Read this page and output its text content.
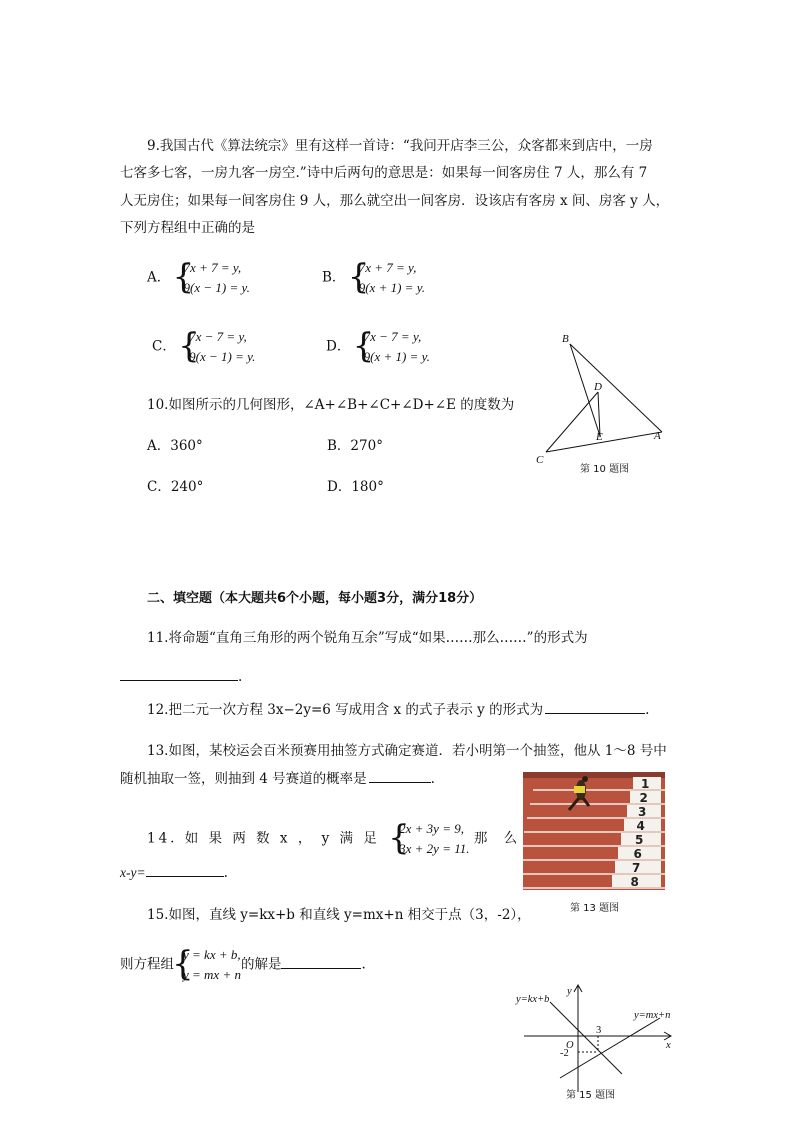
9.我国古代《算法统宗》里有这样一首诗：“我问开店李三公，众客都来到店中，一房
七客多七客，一房九客一房空.”诗中后两句的意思是：如果每一间客房住 7 人，那么有 7
人无房住；如果每一间客房住 9 人，那么就空出一间客房．设该店有客房 x 间、房客 y 人，
下列方程组中正确的是
A． { 7x + 7 = y,
9(x − 1) = y.
B． { 7x + 7 = y,
9(x + 1) = y.
C． { 7x − 7 = y,
9(x − 1) = y.
D． { 7x − 7 = y,
9(x + 1) = y.
10.如图所示的几何图形，∠A+∠B+∠C+∠D+∠E 的度数为
A．360°	B．270°
C．240°	D．180°
B
D
E	A
C
第 10 题图
二、填空题（本大题共6个小题，每小题3分，满分18分）
11.将命题“直角三角形的两个锐角互余”写成“如果……那么……”的形式为
.
12.把二元一次方程 3x−2y=6 写成用含 x 的式子表示 y 的形式为	.
13.如图，某校运会百米预赛用抽签方式确定赛道．若小明第一个抽签，他从 1～8 号中
随机抽取一签，则抽到 4 号赛道的概率是	.	1
2
3
4
5
6
7
8
第 13 题图
14. 如 果 两 数 x ， y 满 足 { 2x + 3y = 9,
3x + 2y = 11. 那 么
x-y=	.
15.如图，直线 y=kx+b 和直线 y=mx+n 相交于点（3，-2），
则方程组{ y = kx + b,
y = mx + n的解是	.
y=kx+b
y=mx+n
x
y
O
3
-2
第 15 题图
